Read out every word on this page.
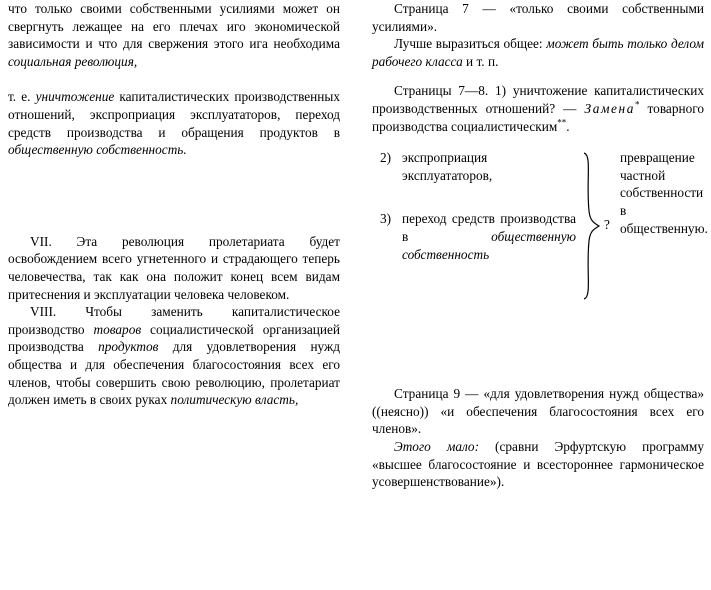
что только своими собственными усилиями может он свергнуть лежащее на его плечах иго экономической зависимости и что для свержения этого ига необходима социальная революция,

т. е. уничтожение капиталистических производственных отношений, экспроприация эксплуататоров, переход средств производства и обращения продуктов в общественную собственность.

VII. Эта революция пролетариата будет освобождением всего угнетенного и страдающего теперь человечества, так как она положит конец всем видам притеснения и эксплуатации человека человеком.

VIII. Чтобы заменить капиталистическое производство товаров социалистической организацией производства продуктов для удовлетворения нужд общества и для обеспечения благосостояния всех его членов, чтобы совершить свою революцию, пролетариат должен иметь в своих руках политическую власть,

Страница 7 — «только своими собственными усилиями».

Лучше выразиться общее: может быть только делом рабочего класса и т. п.

Страницы 7—8. 1) уничтожение капиталистических производственных отношений? — Замена* товарного производства социалистическим**.

2) экспроприация эксплуататоров,
3) переход средств производства в общественную собственность
?
превращение частной собственности в общественную.

Страница 9 — «для удовлетворения нужд общества» ((неясно)) «и обеспечения благосостояния всех его членов».

Этого мало: (сравни Эрфуртскую программу «высшее благосостояние и всестороннее гармоническое усовершенствование»).
